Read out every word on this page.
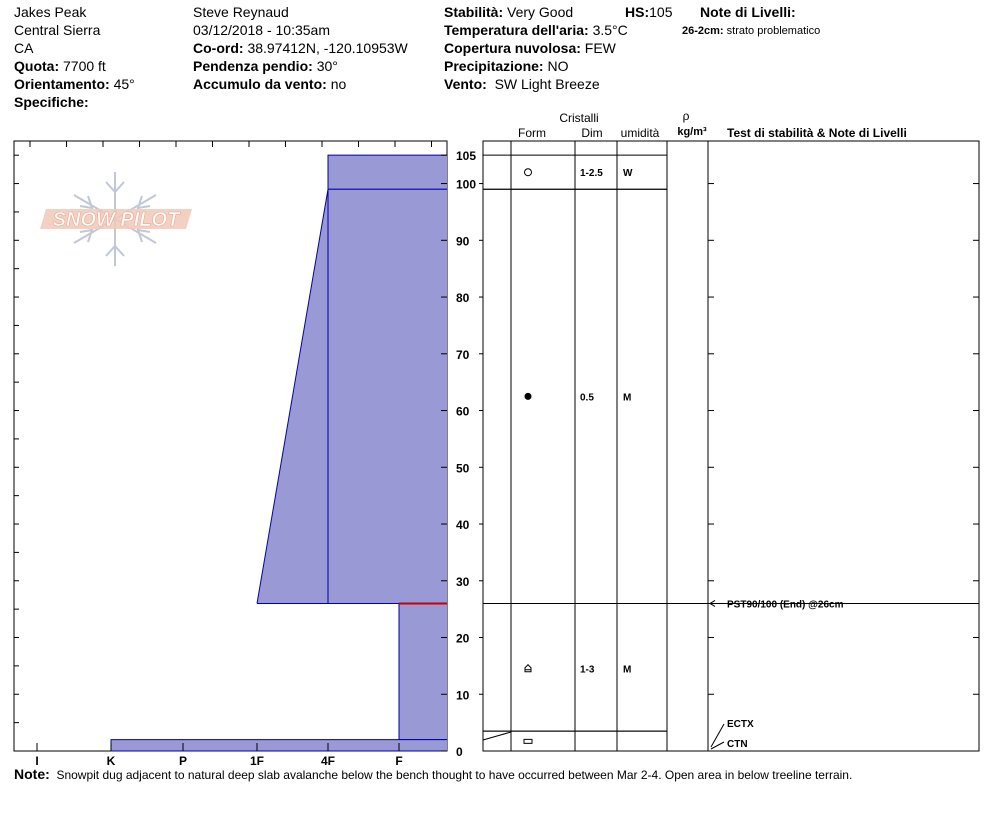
Jakes Peak
Central Sierra
CA
Quota: 7700 ft
Orientamento: 45°
Specifiche:
Steve Reynaud
03/12/2018 - 10:35am
Co-ord: 38.97412N, -120.10953W
Pendenza pendio: 30°
Accumulo da vento: no
Stabilità: Very Good
Temperatura dell'aria: 3.5°C
Copertura nuvolosa: FEW
Precipitazione: NO
Vento: SW Light Breeze
HS:105 Note di Livelli:
26-2cm: strato problematico
SNOW PILOT
I	K	P	1F	4F	F
0
10
20
30
40
50
60
70
80
90
100
105
Cristalli
Form	Dim umidità
ρ
kg/m³ Test di stabilità & Note di Livelli
1-2.5 W
0.5	M
1-3	M
PST90/100 (End) @26cm
ECTX
CTN
Note: Snowpit dug adjacent to natural deep slab avalanche below the bench thought to have occurred between Mar 2-4. Open area in below treeline terrain.
